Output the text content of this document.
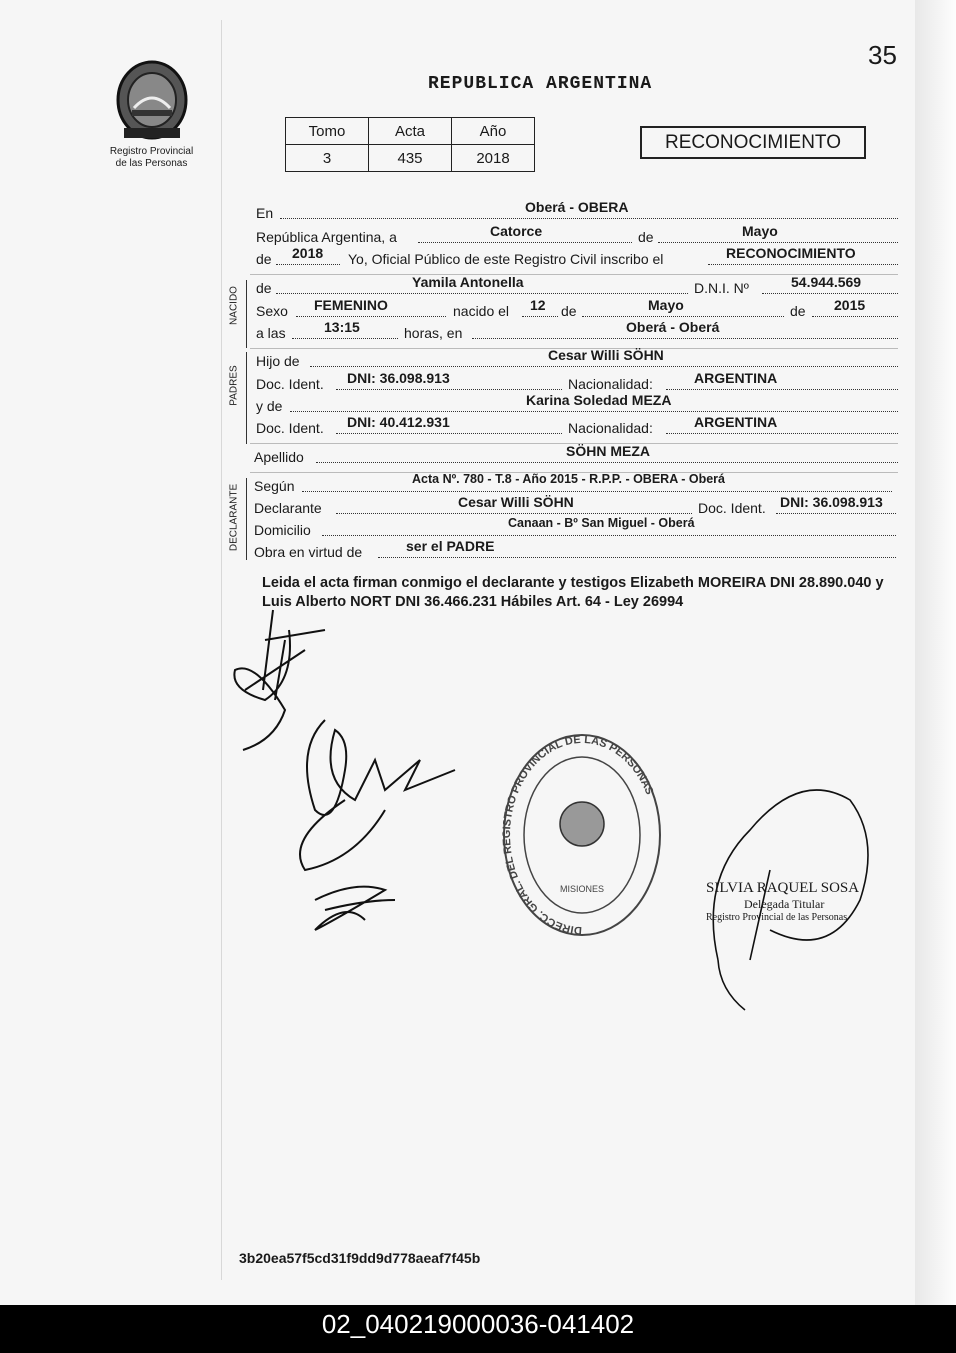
35
Registro Provincial
de las Personas
REPUBLICA ARGENTINA
Tomo	Acta	Año
3	435	2018
RECONOCIMIENTO
En	Oberá - OBERA
República Argentina, a	Catorce	de	Mayo
de 2018 Yo, Oficial Público de este Registro Civil inscribo el	RECONOCIMIENTO
NACIDO de	Yamila Antonella	D.N.I. Nº	54.944.569
Sexo FEMENINO	nacido el 12 de	Mayo	de 2015
a las	13:15	horas, en	Oberá - Oberá
PADRES
Hijo de	Cesar Willi SÖHN
Doc. Ident. DNI: 36.098.913	Nacionalidad:	ARGENTINA
y de	Karina Soledad MEZA
Doc. Ident. DNI: 40.412.931	Nacionalidad:	ARGENTINA
Apellido	SÖHN MEZA
DECLARANTE Según	Acta Nº. 780 - T.8 - Año 2015 - R.P.P. - OBERA - Oberá
Declarante	Cesar Willi SÖHN	Doc. Ident. DNI: 36.098.913
Domicilio	Canaan - Bº San Miguel - Oberá
Obra en virtud de	ser el PADRE
Leida el acta firman conmigo el declarante y testigos Elizabeth MOREIRA DNI 28.890.040 y Luis Alberto NORT DNI 36.466.231 Hábiles Art. 64 - Ley 26994
DIRECC. GRAL. DEL REGISTRO PROVINCIAL DE LAS PERSONAS
MISIONES	SILVIA RAQUEL SOSA
Delegada Titular
Registro Provincial de las Personas
3b20ea57f5cd31f9dd9d778aeaf7f45b
02_040219000036-041402
